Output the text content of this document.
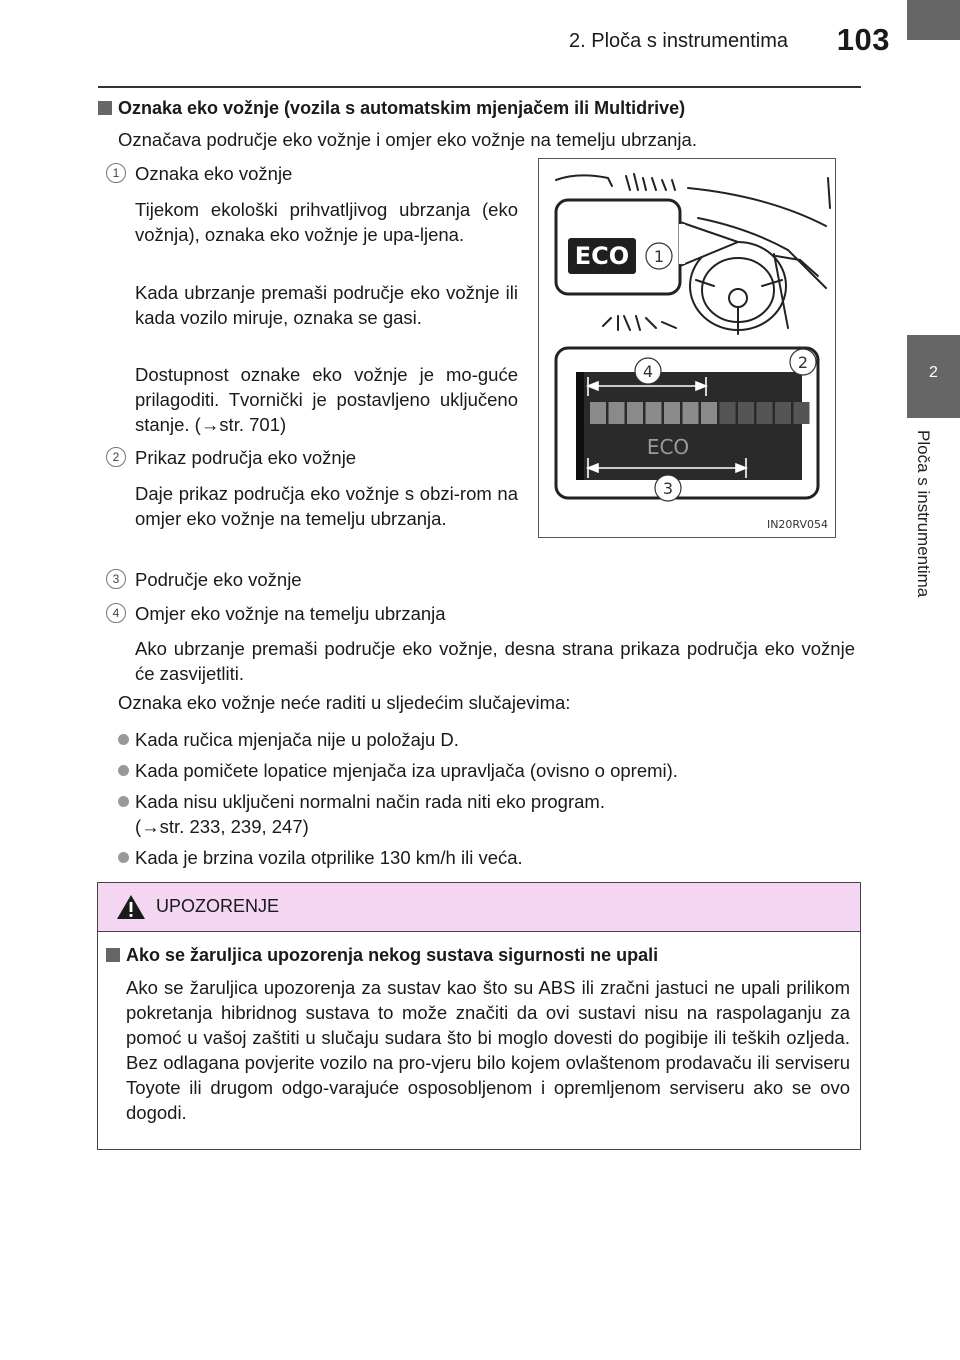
2. Ploča s instrumentima	103
2
Ploča s instrumentima
Oznaka eko vožnje (vozila s automatskim mjenjačem ili Multidrive)
Označava područje eko vožnje i omjer eko vožnje na temelju ubrzanja.
1 Oznaka eko vožnje
Tijekom ekološki prihvatljivog ubrzanja (eko vožnja), oznaka eko vožnje je upa-ljena.
Kada ubrzanje premaši područje eko vožnje ili kada vozilo miruje, oznaka se gasi.
Dostupnost oznake eko vožnje je mo-guće prilagoditi. Tvornički je postavljeno uključeno stanje. (→str. 701)
2 Prikaz područja eko vožnje
Daje prikaz područja eko vožnje s obzi-rom na omjer eko vožnje na temelju ubrzanja.
3 Područje eko vožnje
4 Omjer eko vožnje na temelju ubrzanja
Ako ubrzanje premaši područje eko vožnje, desna strana prikaza područja eko vožnje će zasvijetliti.
Oznaka eko vožnje neće raditi u sljedećim slučajevima:
Kada ručica mjenjača nije u položaju D.
Kada pomičete lopatice mjenjača iza upravljača (ovisno o opremi).
Kada nisu uključeni normalni način rada niti eko program.
(→str. 233, 239, 247)
Kada je brzina vozila otprilike 130 km/h ili veća.
ECO 1
ECO
4	2
3
IN20RV054
UPOZORENJE
Ako se žaruljica upozorenja nekog sustava sigurnosti ne upali
Ako se žaruljica upozorenja za sustav kao što su ABS ili zračni jastuci ne upali prilikom pokretanja hibridnog sustava to može značiti da ovi sustavi nisu na raspolaganju za pomoć u vašoj zaštiti u slučaju sudara što bi moglo dovesti do pogibije ili teških ozljeda. Bez odlagana povjerite vozilo na pro-vjeru bilo kojem ovlaštenom prodavaču ili serviseru Toyote ili drugom odgo-varajuće osposobljenom i opremljenom serviseru ako se ovo dogodi.
